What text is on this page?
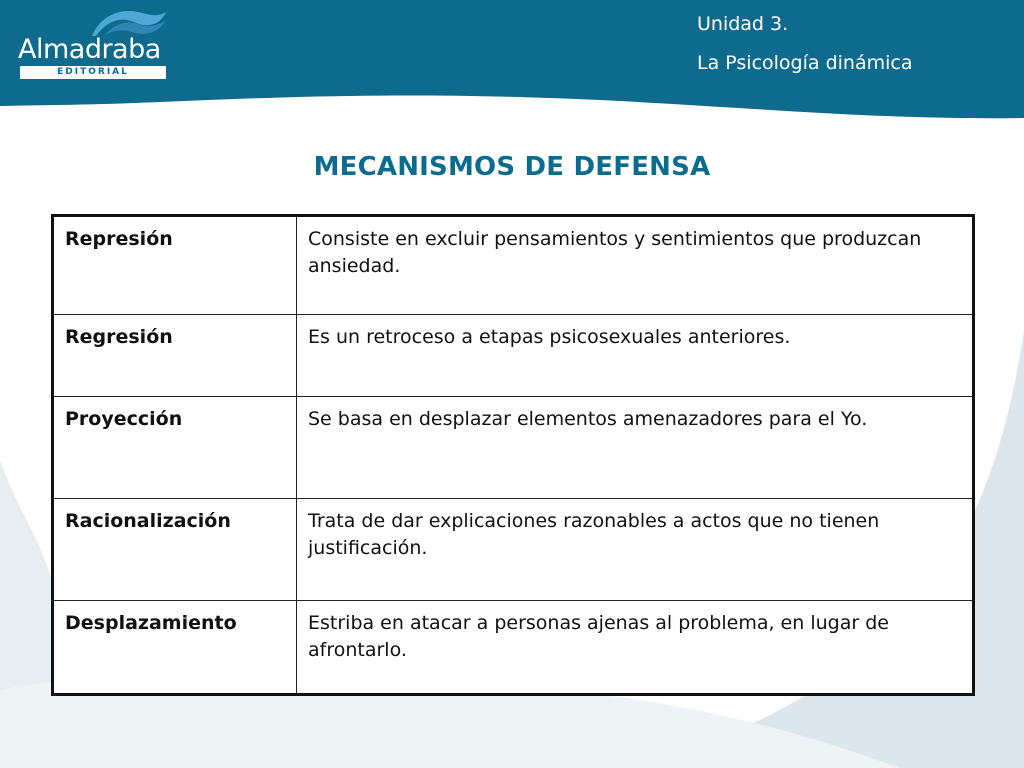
Almadraba
EDITORIAL
Unidad 3.
La Psicología dinámica
MECANISMOS DE DEFENSA
Represión	Consiste en excluir pensamientos y sentimientos que produzcan ansiedad.
Regresión	Es un retroceso a etapas psicosexuales anteriores.
Proyección	Se basa en desplazar elementos amenazadores para el Yo.
Racionalización	Trata de dar explicaciones razonables a actos que no tienen justificación.
Desplazamiento	Estriba en atacar a personas ajenas al problema, en lugar de afrontarlo.
